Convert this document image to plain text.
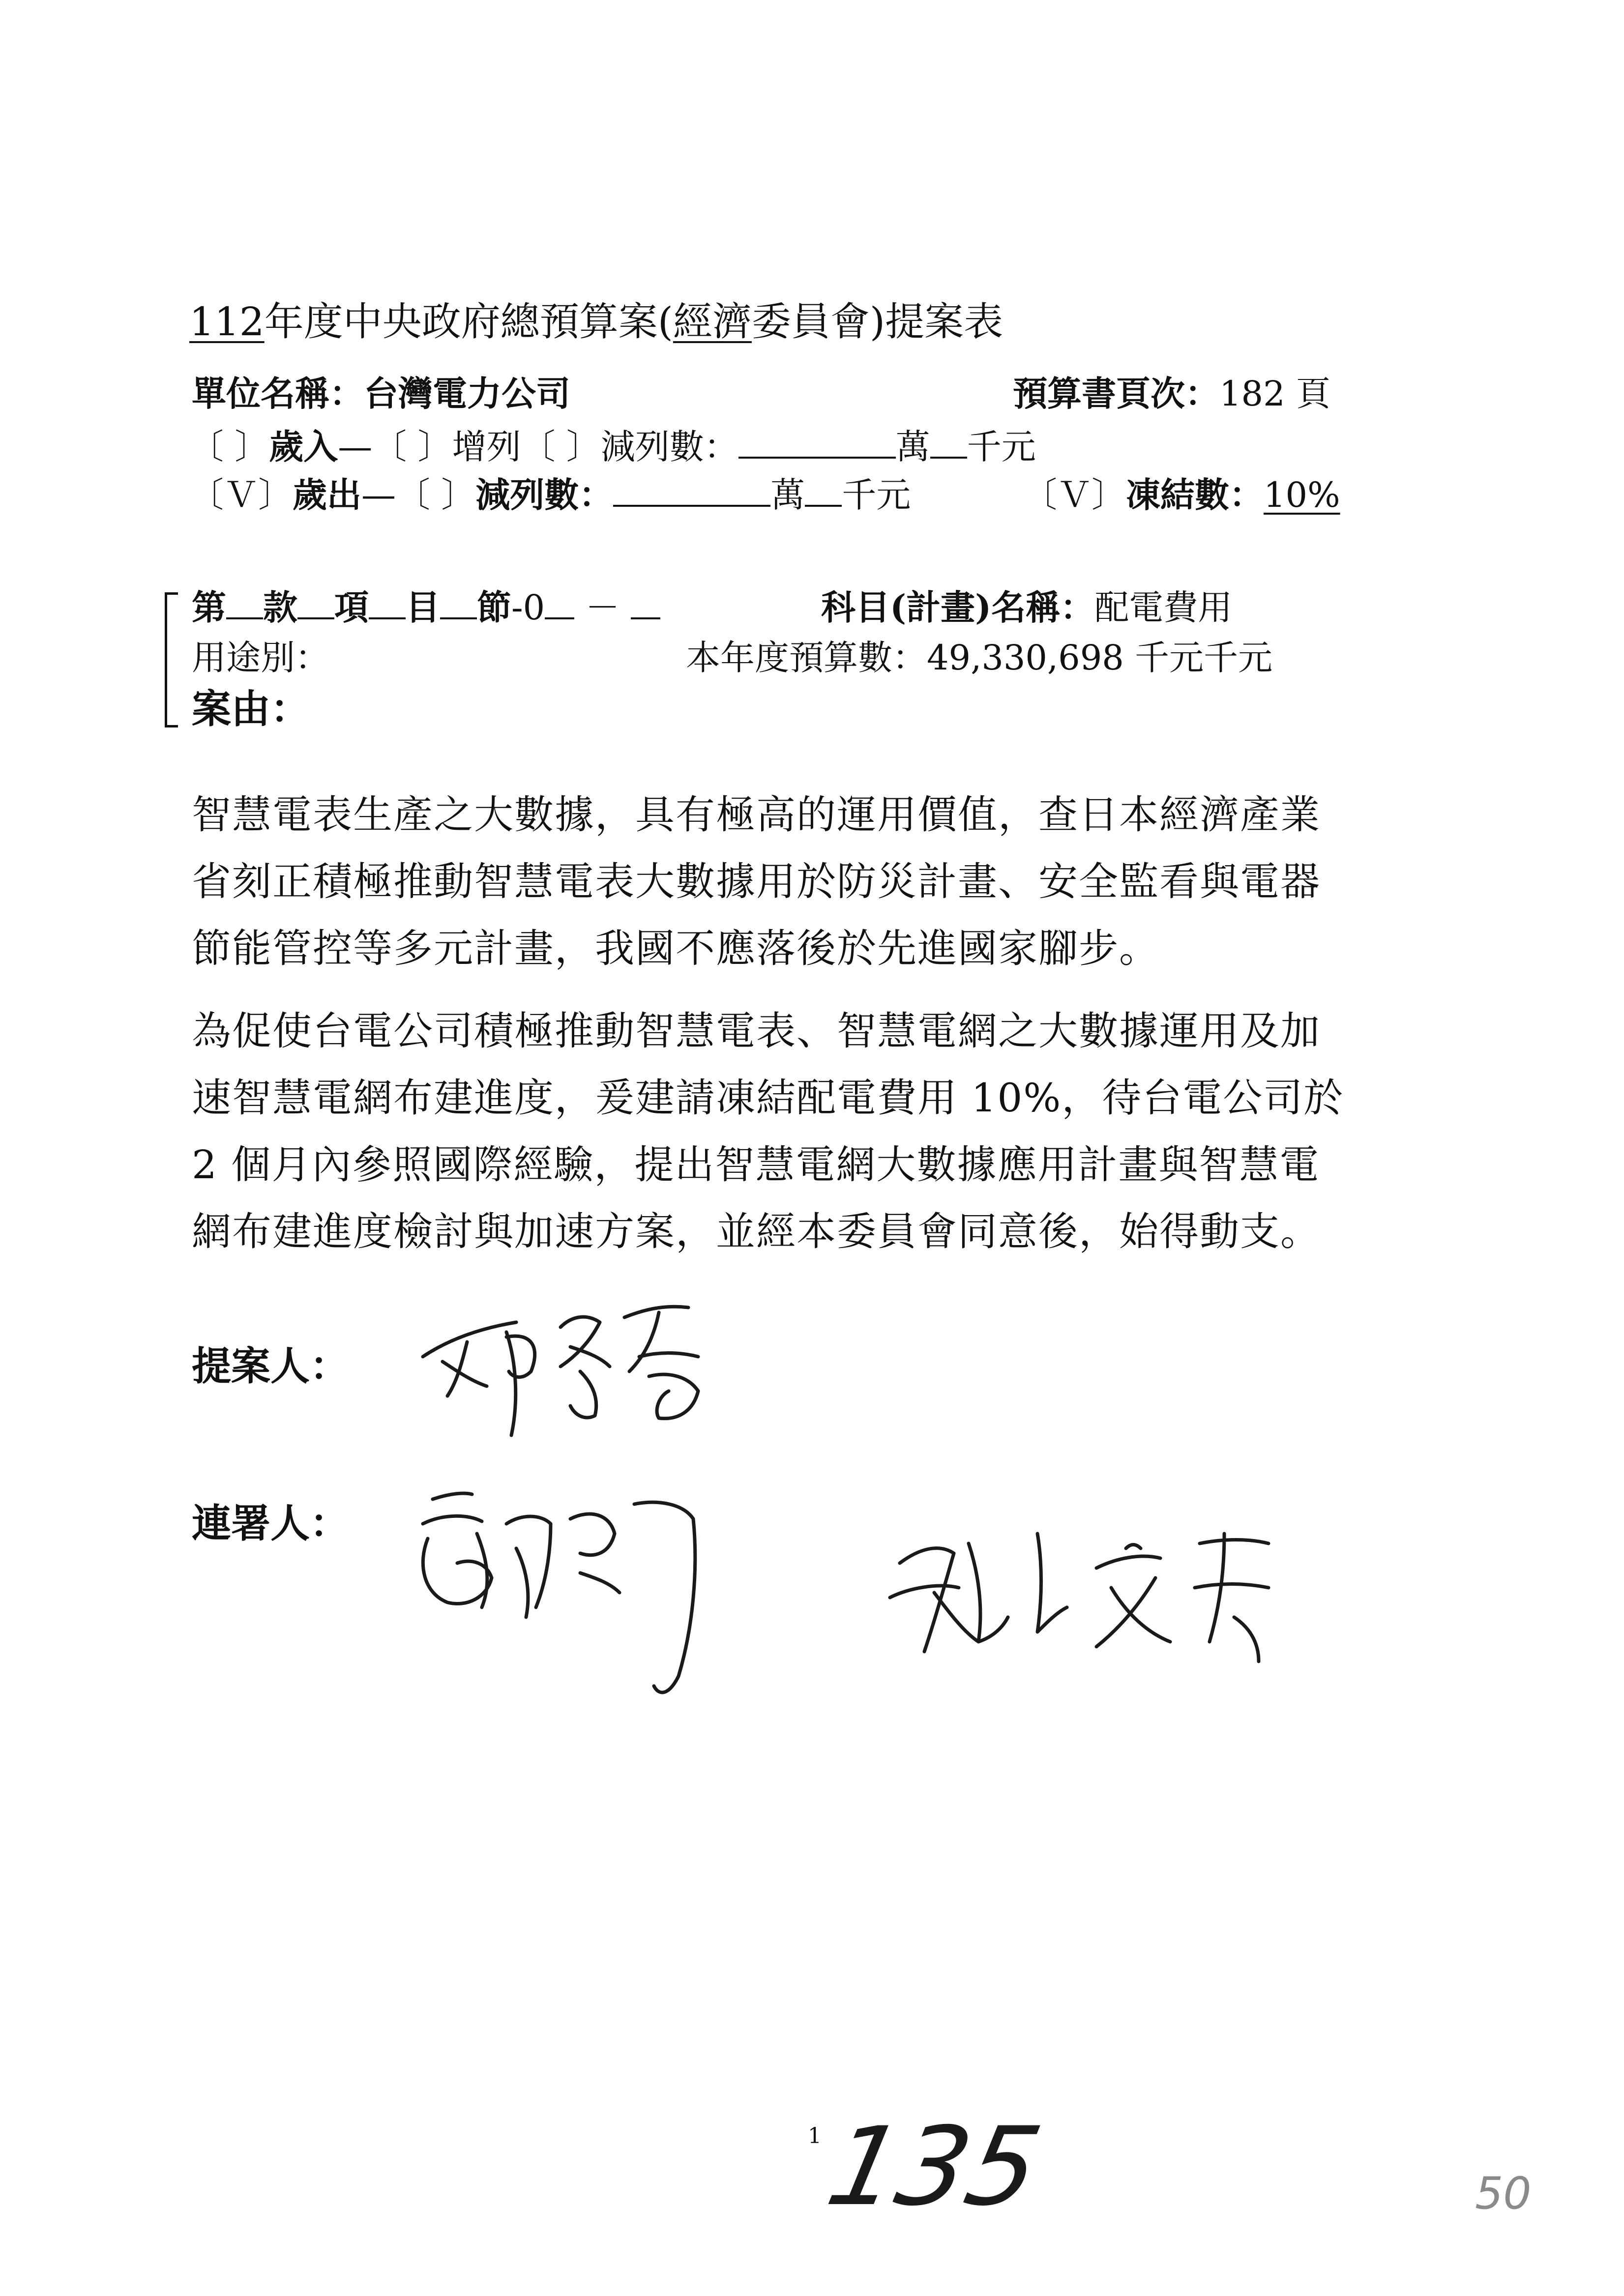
112年度中央政府總預算案(經濟委員會)提案表
單位名稱：台灣電力公司	預算書頁次：182 頁
〔 〕歲入—〔 〕增列〔 〕減列數：	萬 千元
〔Ｖ〕歲出—〔 〕減列數：	萬 千元	〔Ｖ〕凍結數：10%
第 款 項 目 節-0 －	科目(計畫)名稱：配電費用
用途別：	本年度預算數：49,330,698 千元千元
案由：
智慧電表生產之大數據，具有極高的運用價值，查日本經濟產業
省刻正積極推動智慧電表大數據用於防災計畫、安全監看與電器
節能管控等多元計畫，我國不應落後於先進國家腳步。
為促使台電公司積極推動智慧電表、智慧電網之大數據運用及加
速智慧電網布建進度，爰建請凍結配電費用 10%，待台電公司於
2 個月內參照國際經驗，提出智慧電網大數據應用計畫與智慧電
網布建進度檢討與加速方案，並經本委員會同意後，始得動支。
提案人：
連署人：
1
135	50
